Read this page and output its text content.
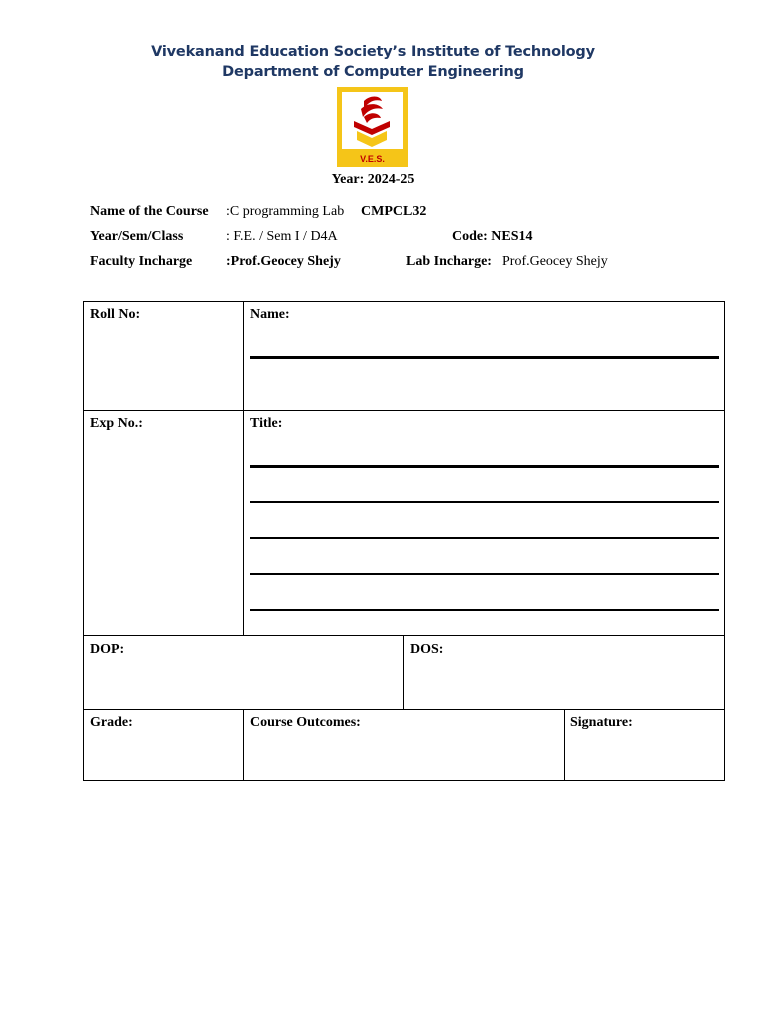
Vivekanand Education Society’s Institute of Technology
Department of Computer Engineering
V.E.S.
Year: 2024-25
Name of the Course :C programming Lab CMPCL32
Year/Sem/Class	: F.E. / Sem I / D4A	Code: NES14
Faculty Incharge :Prof.Geocey Shejy	Lab Incharge: Prof.Geocey Shejy
Roll No:	Name:
Exp No.:	Title:
DOP:	DOS:
Grade:	Course Outcomes:	Signature:
